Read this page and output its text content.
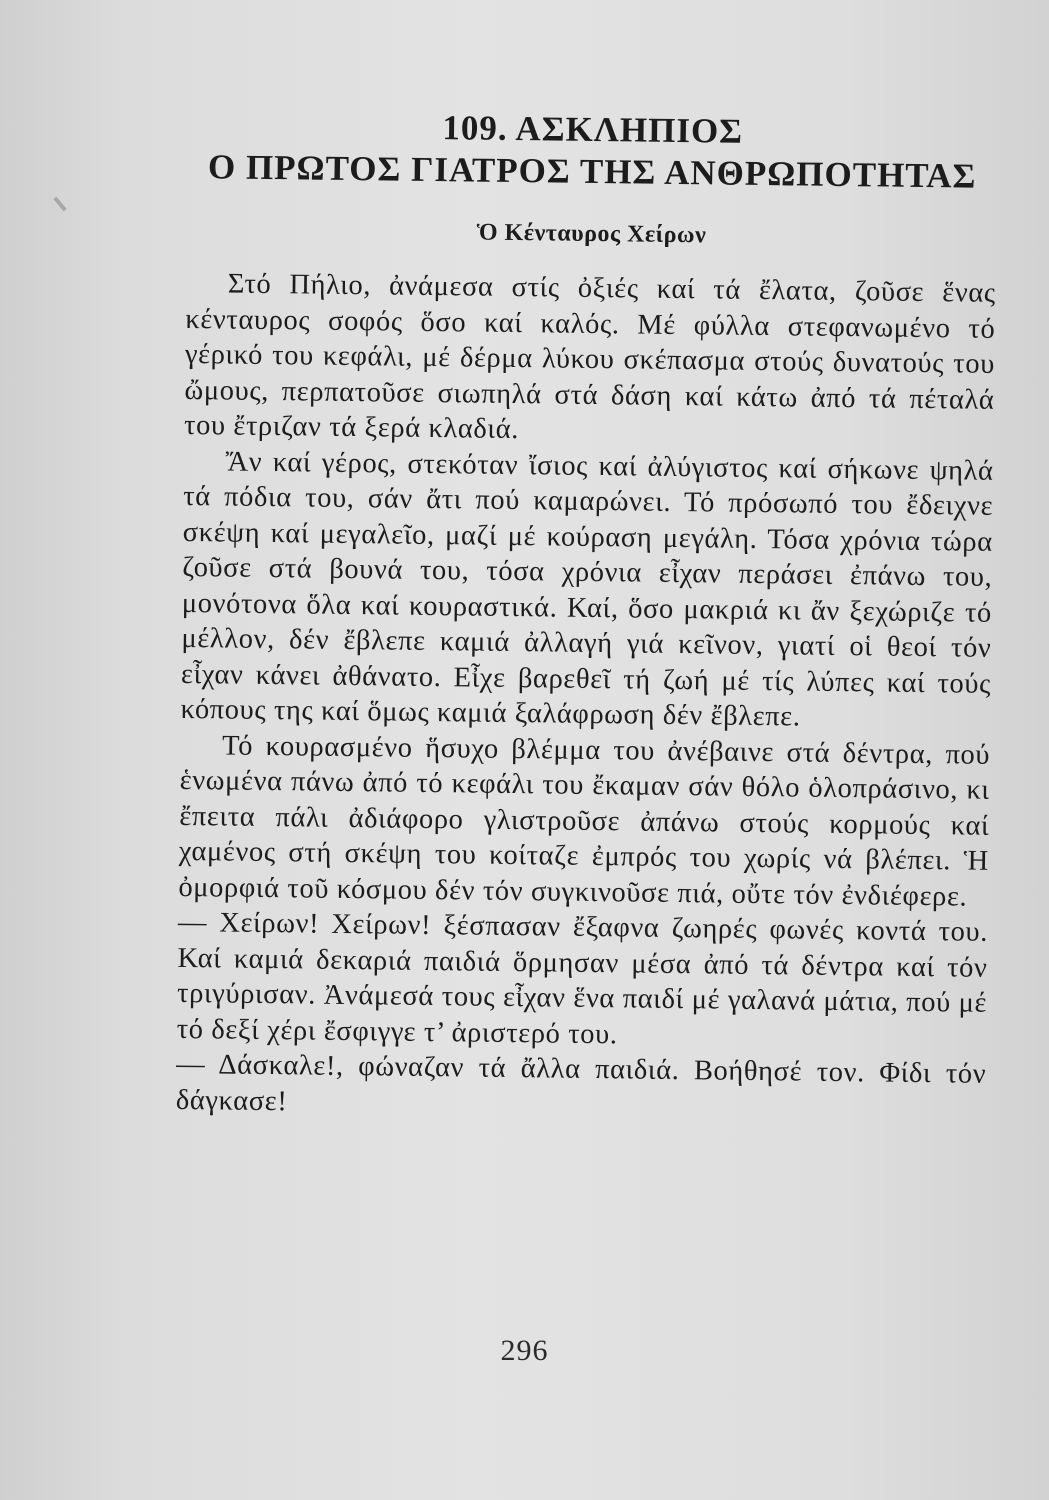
109. ΑΣΚΛΗΠΙΟΣ
Ο ΠΡΩΤΟΣ ΓΙΑΤΡΟΣ ΤΗΣ ΑΝΘΡΩΠΟΤΗΤΑΣ
Ὁ Κένταυρος Χείρων

Στό Πήλιο, ἀνάμεσα στίς ὀξιές καί τά ἔλατα, ζοῦσε ἕνας κένταυρος σοφός ὅσο καί καλός. Μέ φύλλα στεφανωμένο τό γέρικό του κεφάλι, μέ δέρμα λύκου σκέπασμα στούς δυνατούς του ὤμους, περπατοῦσε σιωπηλά στά δάση καί κάτω ἀπό τά πέταλά του ἔτριζαν τά ξερά κλαδιά.

Ἄν καί γέρος, στεκόταν ἴσιος καί ἀλύγιστος καί σήκωνε ψηλά τά πόδια του, σάν ἄτι πού καμαρώνει. Τό πρόσωπό του ἔδειχνε σκέψη καί μεγαλεῖο, μαζί μέ κούραση μεγάλη. Τόσα χρόνια τώρα ζοῦσε στά βουνά του, τόσα χρόνια εἶχαν περάσει ἐπάνω του, μονότονα ὅλα καί κουραστικά. Καί, ὅσο μακριά κι ἄν ξεχώριζε τό μέλλον, δέν ἔβλεπε καμιά ἀλλαγή γιά κεῖνον, γιατί οἱ θεοί τόν εἶχαν κάνει ἀθάνατο. Εἶχε βαρεθεῖ τή ζωή μέ τίς λύπες καί τούς κόπους της καί ὅμως καμιά ξαλάφρωση δέν ἔβλεπε.

Τό κουρασμένο ἥσυχο βλέμμα του ἀνέβαινε στά δέντρα, πού ἑνωμένα πάνω ἀπό τό κεφάλι του ἔκαμαν σάν θόλο ὁλοπράσινο, κι ἔπειτα πάλι ἀδιάφορο γλιστροῦσε ἀπάνω στούς κορμούς καί χαμένος στή σκέψη του κοίταζε ἐμπρός του χωρίς νά βλέπει. Ἡ ὀμορφιά τοῦ κόσμου δέν τόν συγκινοῦσε πιά, οὔτε τόν ἐνδιέφερε.

— Χείρων! Χείρων! ξέσπασαν ἔξαφνα ζωηρές φωνές κοντά του. Καί καμιά δεκαριά παιδιά ὅρμησαν μέσα ἀπό τά δέντρα καί τόν τριγύρισαν. Ἀνάμεσά τους εἶχαν ἕνα παιδί μέ γαλανά μάτια, πού μέ τό δεξί χέρι ἔσφιγγε τ’ ἀριστερό του.

— Δάσκαλε!, φώναζαν τά ἄλλα παιδιά. Βοήθησέ τον. Φίδι τόν δάγκασε!

296
